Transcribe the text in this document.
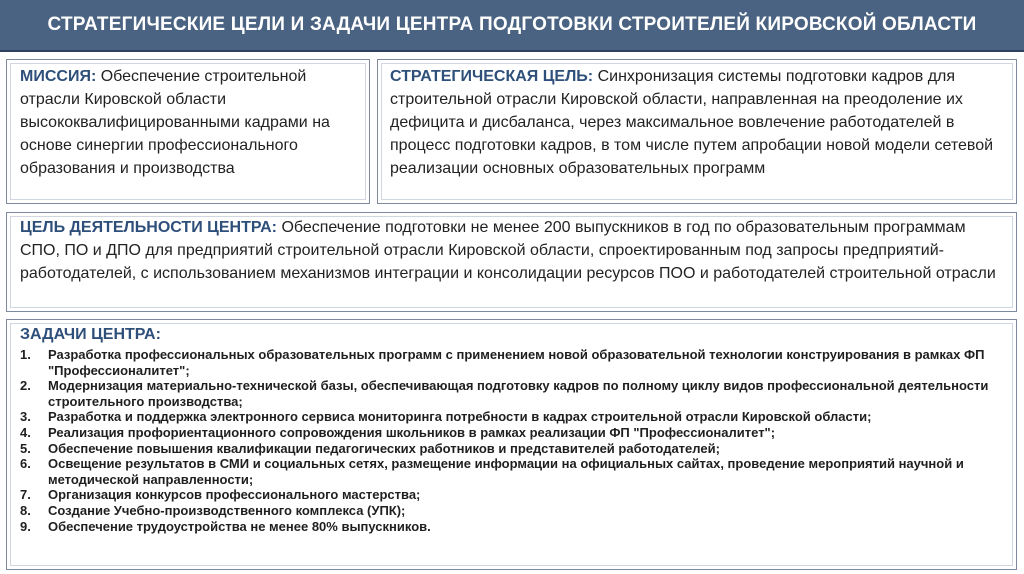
СТРАТЕГИЧЕСКИЕ ЦЕЛИ И ЗАДАЧИ ЦЕНТРА ПОДГОТОВКИ СТРОИТЕЛЕЙ КИРОВСКОЙ ОБЛАСТИ
МИССИЯ: Обеспечение строительной отрасли Кировской области высококвалифицированными кадрами на основе синергии профессионального образования и производства
СТРАТЕГИЧЕСКАЯ ЦЕЛЬ: Синхронизация системы подготовки кадров для строительной отрасли Кировской области, направленная на преодоление их дефицита и дисбаланса, через максимальное вовлечение работодателей в процесс подготовки кадров, в том числе путем апробации новой модели сетевой реализации основных образовательных программ
ЦЕЛЬ ДЕЯТЕЛЬНОСТИ ЦЕНТРА: Обеспечение подготовки не менее 200 выпускников в год по образовательным программам СПО, ПО и ДПО для предприятий строительной отрасли Кировской области, спроектированным под запросы предприятий-работодателей, с использованием механизмов интеграции и консолидации ресурсов ПОО и работодателей строительной отрасли
ЗАДАЧИ ЦЕНТРА:
1.	Разработка профессиональных образовательных программ с применением новой образовательной технологии конструирования в рамках ФП "Профессионалитет";
2.	Модернизация материально-технической базы, обеспечивающая подготовку кадров по полному циклу видов профессиональной деятельности строительного производства;
3.	Разработка и поддержка электронного сервиса мониторинга потребности в кадрах строительной отрасли Кировской области;
4.	Реализация профориентационного сопровождения школьников в рамках реализации ФП "Профессионалитет";
5.	Обеспечение повышения квалификации педагогических работников и представителей работодателей;
6.	Освещение результатов в СМИ и социальных сетях, размещение информации на официальных сайтах, проведение мероприятий научной и методической направленности;
7.	Организация конкурсов профессионального мастерства;
8.	Создание Учебно-производственного комплекса (УПК);
9.	Обеспечение трудоустройства не менее 80% выпускников.
